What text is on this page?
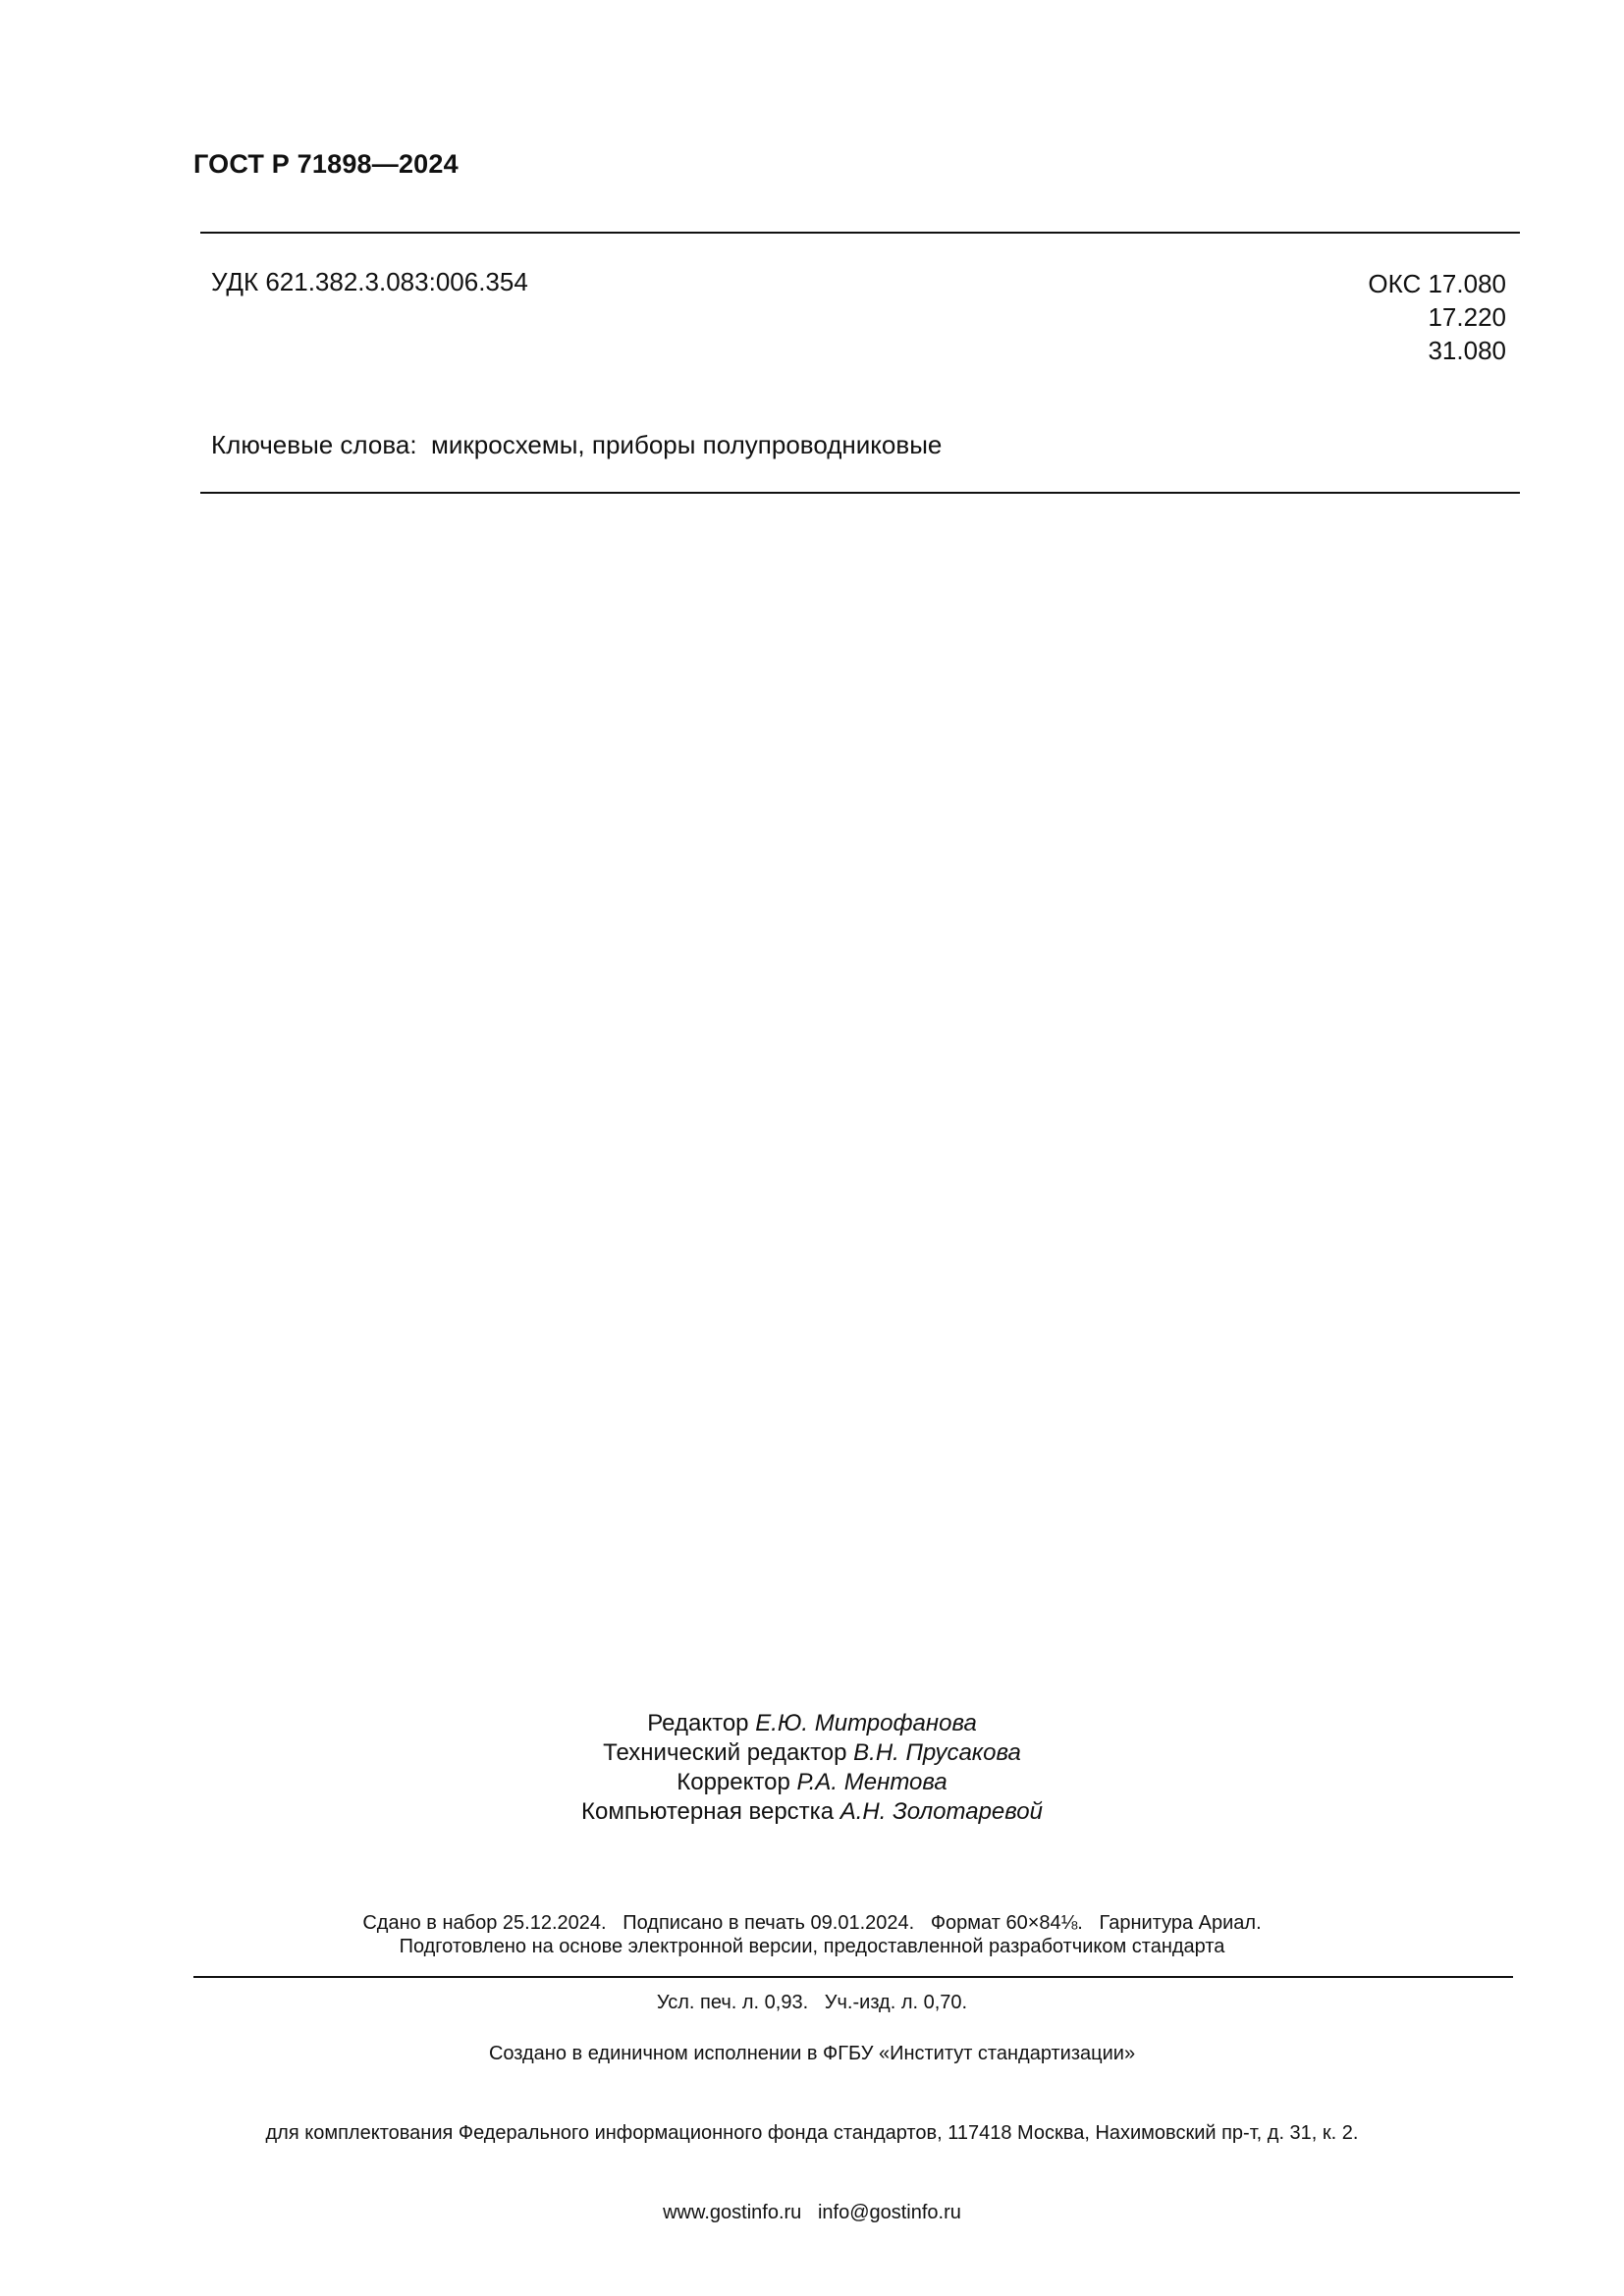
ГОСТ Р 71898—2024
УДК 621.382.3.083:006.354	ОКС 17.080
17.220
31.080
Ключевые слова:  микросхемы, приборы полупроводниковые
Редактор Е.Ю. Митрофанова
Технический редактор В.Н. Прусакова
Корректор Р.А. Ментова
Компьютерная верстка А.Н. Золотаревой

Сдано в набор 25.12.2024.   Подписано в печать 09.01.2024.   Формат 60×84⅛.   Гарнитура Ариал.

Усл. печ. л. 0,93.   Уч.-изд. л. 0,70.

Подготовлено на основе электронной версии, предоставленной разработчиком стандарта

Создано в единичном исполнении в ФГБУ «Институт стандартизации»

для комплектования Федерального информационного фонда стандартов, 117418 Москва, Нахимовский пр-т, д. 31, к. 2.

www.gostinfo.ru   info@gostinfo.ru
